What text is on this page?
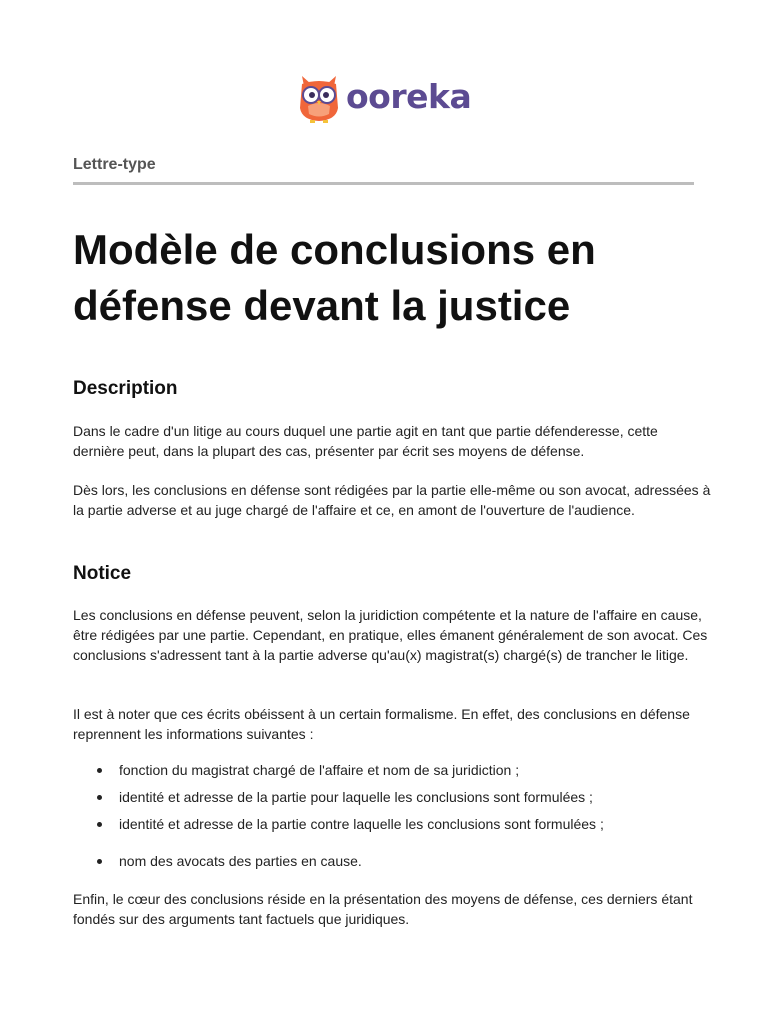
ooreka
Lettre-type
Modèle de conclusions en défense devant la justice
Description

Dans le cadre d'un litige au cours duquel une partie agit en tant que partie défenderesse, cette dernière peut, dans la plupart des cas, présenter par écrit ses moyens de défense.

Dès lors, les conclusions en défense sont rédigées par la partie elle-même ou son avocat, adressées à la partie adverse et au juge chargé de l'affaire et ce, en amont de l'ouverture de l'audience.

Notice

Les conclusions en défense peuvent, selon la juridiction compétente et la nature de l'affaire en cause, être rédigées par une partie. Cependant, en pratique, elles émanent généralement de son avocat. Ces conclusions s'adressent tant à la partie adverse qu'au(x) magistrat(s) chargé(s) de trancher le litige.

Il est à noter que ces écrits obéissent à un certain formalisme. En effet, des conclusions en défense reprennent les informations suivantes :

fonction du magistrat chargé de l'affaire et nom de sa juridiction ;
identité et adresse de la partie pour laquelle les conclusions sont formulées ;
identité et adresse de la partie contre laquelle les conclusions sont formulées ;
nom des avocats des parties en cause.

Enfin, le cœur des conclusions réside en la présentation des moyens de défense, ces derniers étant fondés sur des arguments tant factuels que juridiques.
